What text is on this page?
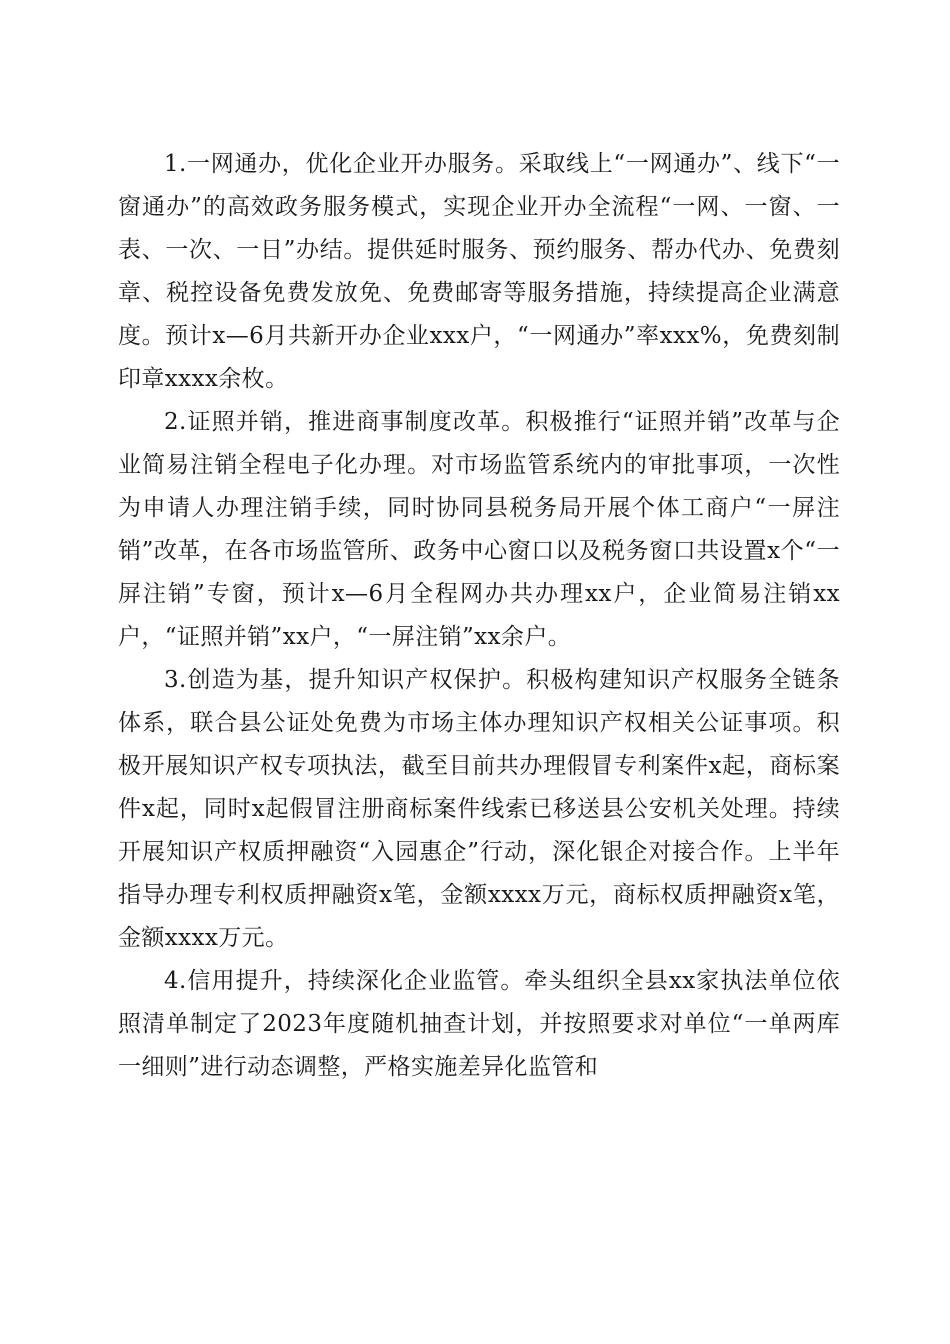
1.一网通办，优化企业开办服务。采取线上“一网通办”、线下“一窗通办”的高效政务服务模式，实现企业开办全流程“一网、一窗、一表、一次、一日”办结。提供延时服务、预约服务、帮办代办、免费刻章、税控设备免费发放免、免费邮寄等服务措施，持续提高企业满意度。预计x—6月共新开办企业xxx户，“一网通办”率xxx%，免费刻制印章xxxx余枚。

2.证照并销，推进商事制度改革。积极推行“证照并销”改革与企业简易注销全程电子化办理。对市场监管系统内的审批事项，一次性为申请人办理注销手续，同时协同县税务局开展个体工商户“一屏注销”改革，在各市场监管所、政务中心窗口以及税务窗口共设置x个“一屏注销”专窗，预计x—6月全程网办共办理xx户，企业简易注销xx户，“证照并销”xx户，“一屏注销”xx余户。

3.创造为基，提升知识产权保护。积极构建知识产权服务全链条体系，联合县公证处免费为市场主体办理知识产权相关公证事项。积极开展知识产权专项执法，截至目前共办理假冒专利案件x起，商标案件x起，同时x起假冒注册商标案件线索已移送县公安机关处理。持续开展知识产权质押融资“入园惠企”行动，深化银企对接合作。上半年指导办理专利权质押融资x笔，金额xxxx万元，商标权质押融资x笔，金额xxxx万元。

4.信用提升，持续深化企业监管。牵头组织全县xx家执法单位依照清单制定了2023年度随机抽查计划，并按照要求对单位“一单两库一细则”进行动态调整，严格实施差异化监管和
